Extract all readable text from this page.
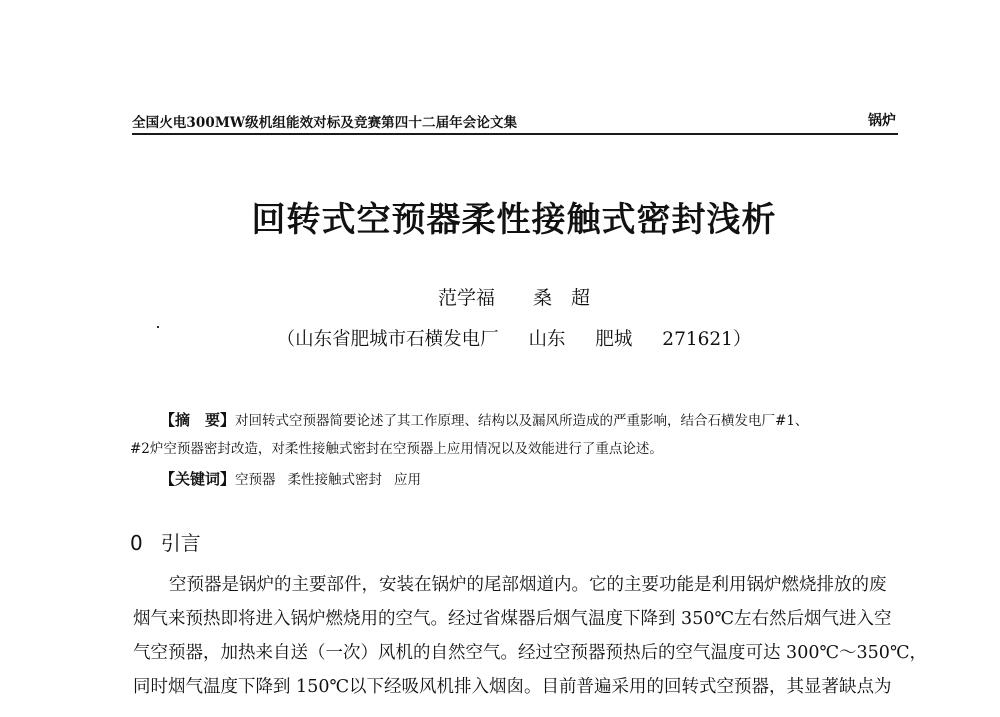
全国火电300MW级机组能效对标及竞赛第四十二届年会论文集	锅炉
回转式空预器柔性接触式密封浅析
范学福 桑　超
（山东省肥城市石横发电厂 山东 肥城 271621）
【摘　要】对回转式空预器简要论述了其工作原理、结构以及漏风所造成的严重影响，结合石横发电厂#1、
#2炉空预器密封改造，对柔性接触式密封在空预器上应用情况以及效能进行了重点论述。
【关键词】空预器 柔性接触式密封 应用
0 引言
空预器是锅炉的主要部件，安装在锅炉的尾部烟道内。它的主要功能是利用锅炉燃烧排放的废
烟气来预热即将进入锅炉燃烧用的空气。经过省煤器后烟气温度下降到 350℃左右然后烟气进入空
气空预器，加热来自送（一次）风机的自然空气。经过空预器预热后的空气温度可达 300℃～350℃，
同时烟气温度下降到 150℃以下经吸风机排入烟囱。目前普遍采用的回转式空预器，其显著缺点为
